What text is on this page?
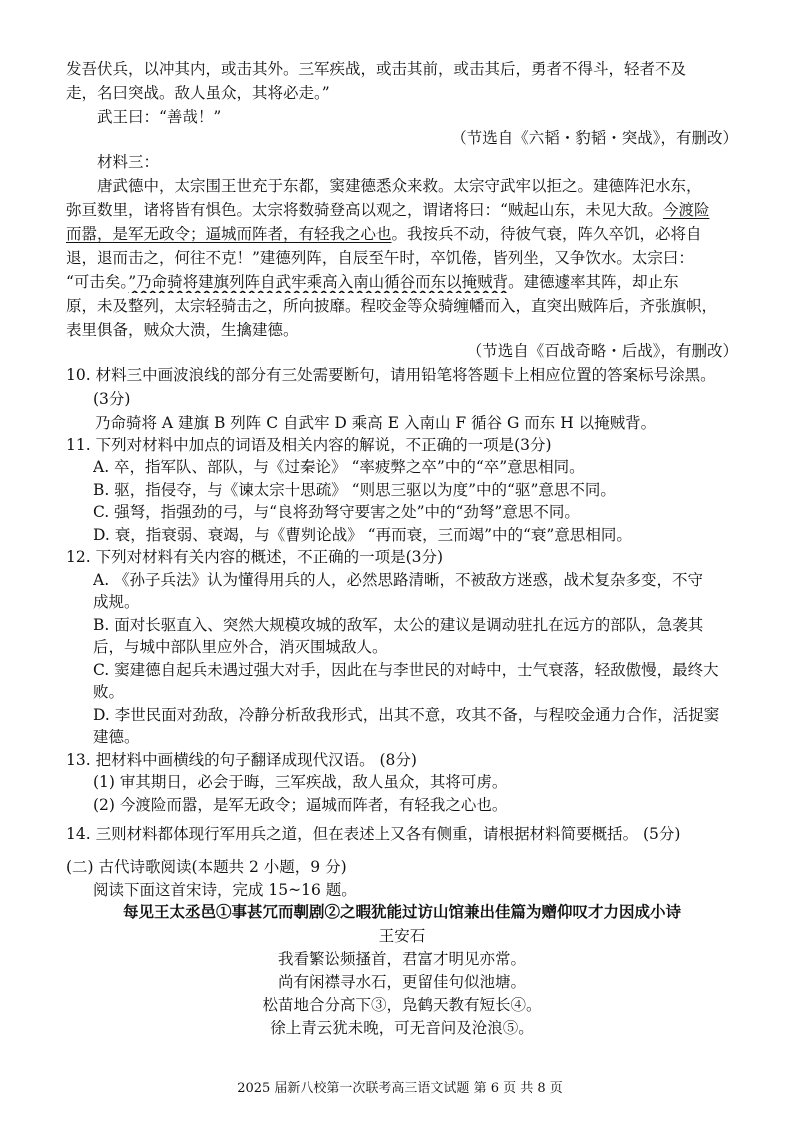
发吾伏兵，以冲其内，或击其外。三军疾战，或击其前，或击其后，勇者不得斗，轻者不及
走，名曰突战。敌人虽众，其将必走。”
武王曰：“善哉！”
（节选自《六韬・豹韬・突战》，有删改）
材料三：
唐武德中，太宗围王世充于东都，窦建德悉众来救。太宗守武牢以拒之。建德阵汜水东，
弥亘数里，诸将皆有惧色。太宗将数骑登高以观之，谓诸将曰：“贼起山东，未见大敌。今渡险
而嚣，是军无政令；逼城而阵者，有轻我之心也。我按兵不动，待彼气衰，阵久卒饥，必将自
退，退而击之，何往不克！”建德列阵，自辰至午时，卒饥倦，皆列坐，又争饮水。太宗曰：
“可击矣。”乃命骑将建旗列阵自武牢乘高入南山循谷而东以掩贼背。建德遽率其阵，却止东
原，未及整列，太宗轻骑击之，所向披靡。程咬金等众骑缠幡而入，直突出贼阵后，齐张旗帜，
表里俱备，贼众大溃，生擒建德。
（节选自《百战奇略・后战》，有删改）
10. 材料三中画波浪线的部分有三处需要断句，请用铅笔将答题卡上相应位置的答案标号涂黑。
(3分)
乃命骑将 A 建旗 B 列阵 C 自武牢 D 乘高 E 入南山 F 循谷 G 而东 H 以掩贼背。
11. 下列对材料中加点的词语及相关内容的解说，不正确的一项是(3分)
A. 卒，指军队、部队，与《过秦论》 “率疲弊之卒”中的“卒”意思相同。
B. 驱，指侵夺，与《谏太宗十思疏》 “则思三驱以为度”中的“驱”意思不同。
C. 强弩，指强劲的弓，与“良将劲弩守要害之处”中的“劲弩”意思不同。
D. 衰，指衰弱、衰竭，与《曹刿论战》 “再而衰，三而竭”中的“衰”意思相同。
12. 下列对材料有关内容的概述，不正确的一项是(3分)
A. 《孙子兵法》认为懂得用兵的人，必然思路清晰，不被敌方迷惑，战术复杂多变，不守
成规。
B. 面对长驱直入、突然大规模攻城的敌军，太公的建议是调动驻扎在远方的部队，急袭其
后，与城中部队里应外合，消灭围城敌人。
C. 窦建德自起兵未遇过强大对手，因此在与李世民的对峙中，士气衰落，轻敌傲慢，最终大
败。
D. 李世民面对劲敌，冷静分析敌我形式，出其不意，攻其不备，与程咬金通力合作，活捉窦
建德。
13. 把材料中画横线的句子翻译成现代汉语。 (8分)
(1) 审其期日，必会于晦，三军疾战，敌人虽众，其将可虏。
(2) 今渡险而嚣，是军无政令；逼城而阵者，有轻我之心也。
14. 三则材料都体现行军用兵之道，但在表述上又各有侧重，请根据材料简要概括。 (5分)
(二) 古代诗歌阅读(本题共 2 小题，9 分)
阅读下面这首宋诗，完成 15~16 题。
每见王太丞邑①事甚冗而剸剧②之暇犹能过访山馆兼出佳篇为赠仰叹才力因成小诗
王安石
我看繁讼频搔首，君富才明见亦常。
尚有闲襟寻水石，更留佳句似池塘。
松苗地合分高下③，凫鹤天教有短长④。
徐上青云犹未晚，可无音问及沧浪⑤。
2025 届新八校第一次联考高三语文试题 第 6 页 共 8 页
